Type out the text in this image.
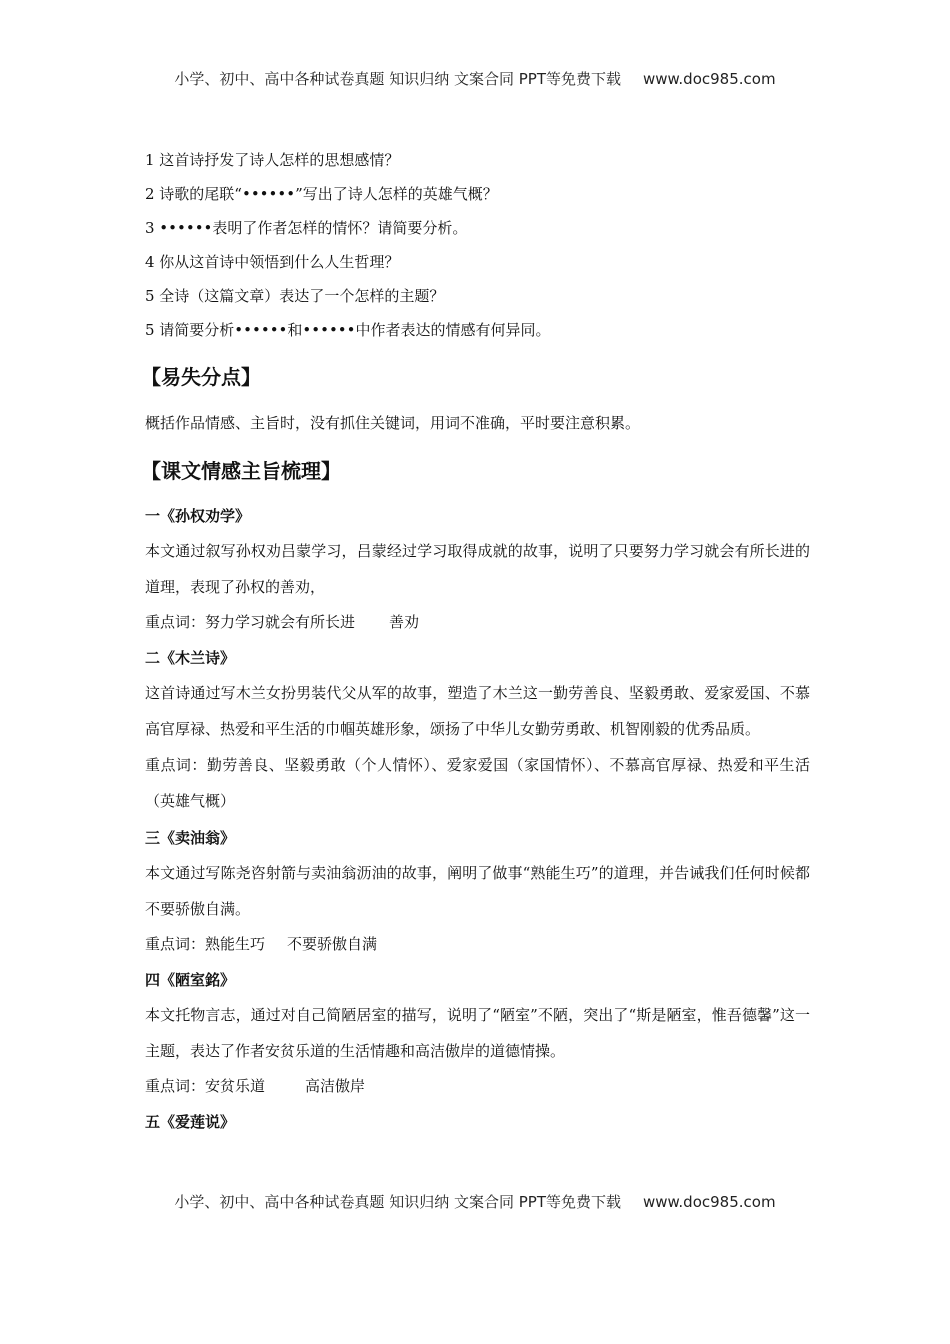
小学、初中、高中各种试卷真题 知识归纳 文案合同 PPT等免费下载 www.doc985.com
1 这首诗抒发了诗人怎样的思想感情？
2 诗歌的尾联“••••••”写出了诗人怎样的英雄气概？
3 ••••••表明了作者怎样的情怀？请简要分析。
4 你从这首诗中领悟到什么人生哲理？
5 全诗（这篇文章）表达了一个怎样的主题？
5 请简要分析••••••和••••••中作者表达的情感有何异同。
【易失分点】
概括作品情感、主旨时，没有抓住关键词，用词不准确，平时要注意积累。
【课文情感主旨梳理】
一《孙权劝学》
本文通过叙写孙权劝吕蒙学习，吕蒙经过学习取得成就的故事，说明了只要努力学习就会有所长进的道理，表现了孙权的善劝，
重点词：努力学习就会有所长进 善劝
二《木兰诗》
这首诗通过写木兰女扮男装代父从军的故事，塑造了木兰这一勤劳善良、坚毅勇敢、爱家爱国、不慕高官厚禄、热爱和平生活的巾帼英雄形象，颂扬了中华儿女勤劳勇敢、机智刚毅的优秀品质。
重点词：勤劳善良、坚毅勇敢（个人情怀）、爱家爱国（家国情怀）、不慕高官厚禄、热爱和平生活（英雄气概）
三《卖油翁》
本文通过写陈尧咨射箭与卖油翁沥油的故事，阐明了做事“熟能生巧”的道理，并告诫我们任何时候都不要骄傲自满。
重点词：熟能生巧 不要骄傲自满
四《陋室銘》
本文托物言志，通过对自己简陋居室的描写，说明了“陋室”不陋，突出了“斯是陋室，惟吾德馨”这一主题，表达了作者安贫乐道的生活情趣和高洁傲岸的道德情操。
重点词：安贫乐道	高洁傲岸
五《爱莲说》
小学、初中、高中各种试卷真题 知识归纳 文案合同 PPT等免费下载 www.doc985.com
